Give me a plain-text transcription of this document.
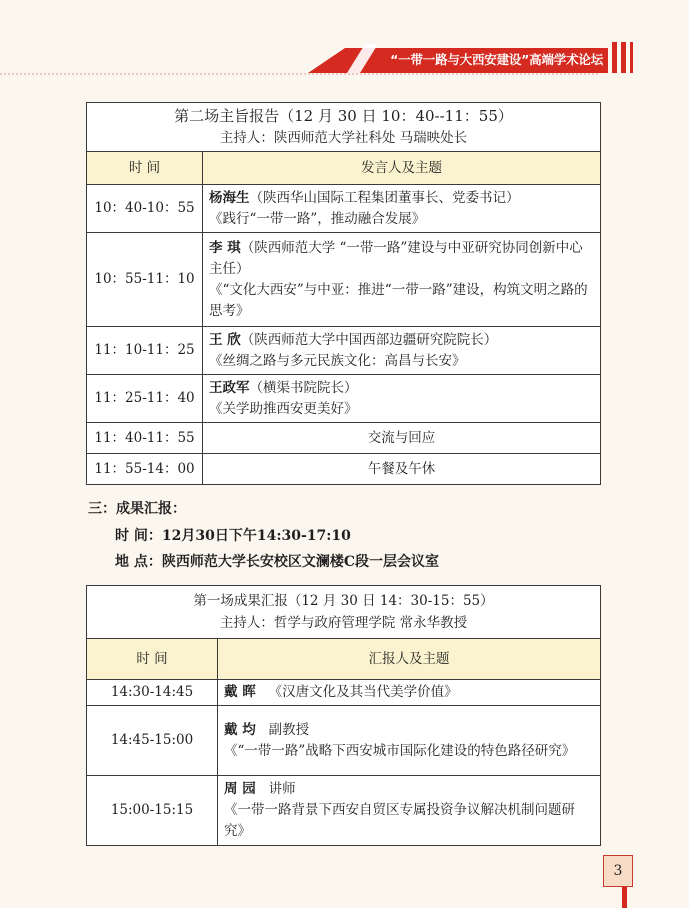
“一带一路与大西安建设”高端学术论坛
第二场主旨报告（12 月 30 日 10：40--11：55）
主持人：陕西师范大学社科处 马瑞映处长	

时 间	发言人及主题
10：40-10：55	杨海生（陕西华山国际工程集团董事长、党委书记）
《践行“一带一路”，推动融合发展》
10：55-11：10	李 琪（陕西师范大学 “一带一路”建设与中亚研究协同创新中心主任）
《“文化大西安”与中亚：推进“一带一路”建设，构筑文明之路的思考》
11：10-11：25	王 欣（陕西师范大学中国西部边疆研究院院长）
《丝绸之路与多元民族文化：高昌与长安》
11：25-11：40	王政军（横渠书院院长）
《关学助推西安更美好》
11：40-11：55	交流与回应
11：55-14：00	午餐及午休
三：成果汇报：
时 间：12月30日下午14:30-17:10
地 点：陕西师范大学长安校区文澜楼C段一层会议室
第一场成果汇报（12 月 30 日 14：30-15：55）
主持人：哲学与政府管理学院 常永华教授	

时 间	汇报人及主题
14:30-14:45	戴 晖 《汉唐文化及其当代美学价值》
14:45-15:00	戴 均 副教授
《“一带一路”战略下西安城市国际化建设的特色路径研究》
15:00-15:15	周 园 讲师
《一带一路背景下西安自贸区专属投资争议解决机制问题研究》
3
